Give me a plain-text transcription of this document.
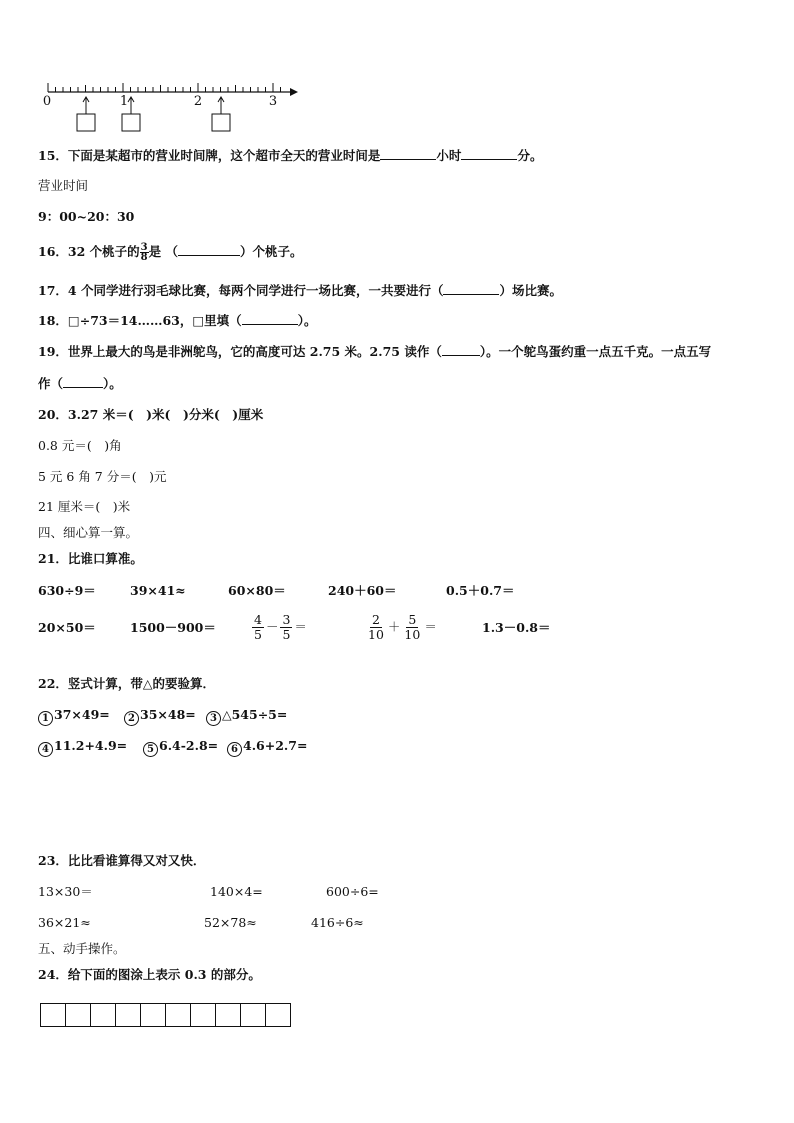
0	1	2	3
15．下面是某超市的营业时间牌，这个超市全天的营业时间是	小时	分。
营业时间
9：00~20：30
16．32 个桃子的 $\frac{3}{8}$ 是 （	）个桃子。
17．4 个同学进行羽毛球比赛，每两个同学进行一场比赛，一共要进行（	）场比赛。
18．□÷73＝14……63，□里填（	）。
19．世界上最大的鸟是非洲鸵鸟，它的高度可达 2.75 米。2.75 读作（	）。一个鸵鸟蛋约重一点五千克。一点五写
作（	）。
20．3.27 米＝(　)米(　)分米(　)厘米
0.8 元＝(　)角
5 元 6 角 7 分＝(　)元
21 厘米＝(　)米
四、细心算一算。
21．比谁口算准。
630÷9＝	39×41≈	60×80＝	240＋60＝	0.5＋0.7＝
20×50＝	1500－900＝	$\frac{4}{5} - \frac{3}{5}$ ＝	$\frac{2}{10} + \frac{5}{10}$ ＝	1.3－0.8＝
22．竖式计算，带△的要验算．
1 37×49=	2 35×48=	3 △545÷5=
4 11.2+4.9=	5 6.4-2.8=	6 4.6+2.7=
23．比比看谁算得又对又快．
13×30＝	140×4=	600÷6=
36×21≈	52×78≈	416÷6≈
五、动手操作。
24．给下面的图涂上表示 0.3 的部分。
